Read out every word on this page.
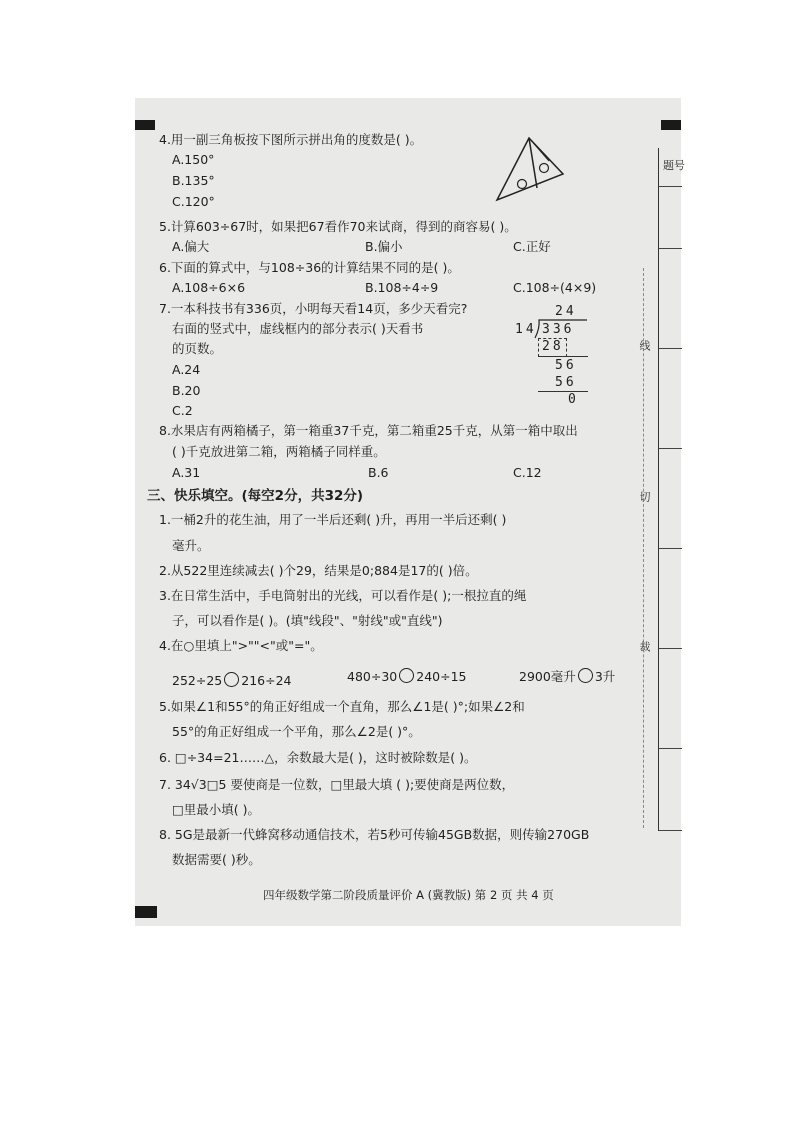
题号
线
切
裁
4.用一副三角板按下图所示拼出角的度数是( )。
A.150°
B.135°
C.120°
5.计算603÷67时，如果把67看作70来试商，得到的商容易( )。
A.偏大	B.偏小	C.正好
6.下面的算式中，与108÷36的计算结果不同的是( )。
A.108÷6×6	B.108÷4÷9	C.108÷(4×9)
7.一本科技书有336页，小明每天看14页，多少天看完?
右面的竖式中，虚线框内的部分表示( )天看书
的页数。
A.24
B.20
C.2
24
14 336
28
56
56
0
8.水果店有两箱橘子，第一箱重37千克，第二箱重25千克，从第一箱中取出
( )千克放进第二箱，两箱橘子同样重。
A.31	B.6	C.12
三、快乐填空。(每空2分，共32分)
1.一桶2升的花生油，用了一半后还剩( )升，再用一半后还剩( )
毫升。
2.从522里连续减去( )个29，结果是0;884是17的( )倍。
3.在日常生活中，手电筒射出的光线，可以看作是( );一根拉直的绳
子，可以看作是( )。(填"线段"、"射线"或"直线")
4.在○里填上">""<"或"="。
252÷25 216÷24	480÷30 240÷15	2900毫升 3升
5.如果∠1和55°的角正好组成一个直角，那么∠1是( )°;如果∠2和
55°的角正好组成一个平角，那么∠2是( )°。
6. □÷34=21……△，余数最大是( )，这时被除数是( )。
7. 34√3□5 要使商是一位数，□里最大填 ( );要使商是两位数，
□里最小填( )。
8. 5G是最新一代蜂窝移动通信技术，若5秒可传输45GB数据，则传输270GB
数据需要( )秒。
四年级数学第二阶段质量评价 A (冀教版) 第 2 页 共 4 页
